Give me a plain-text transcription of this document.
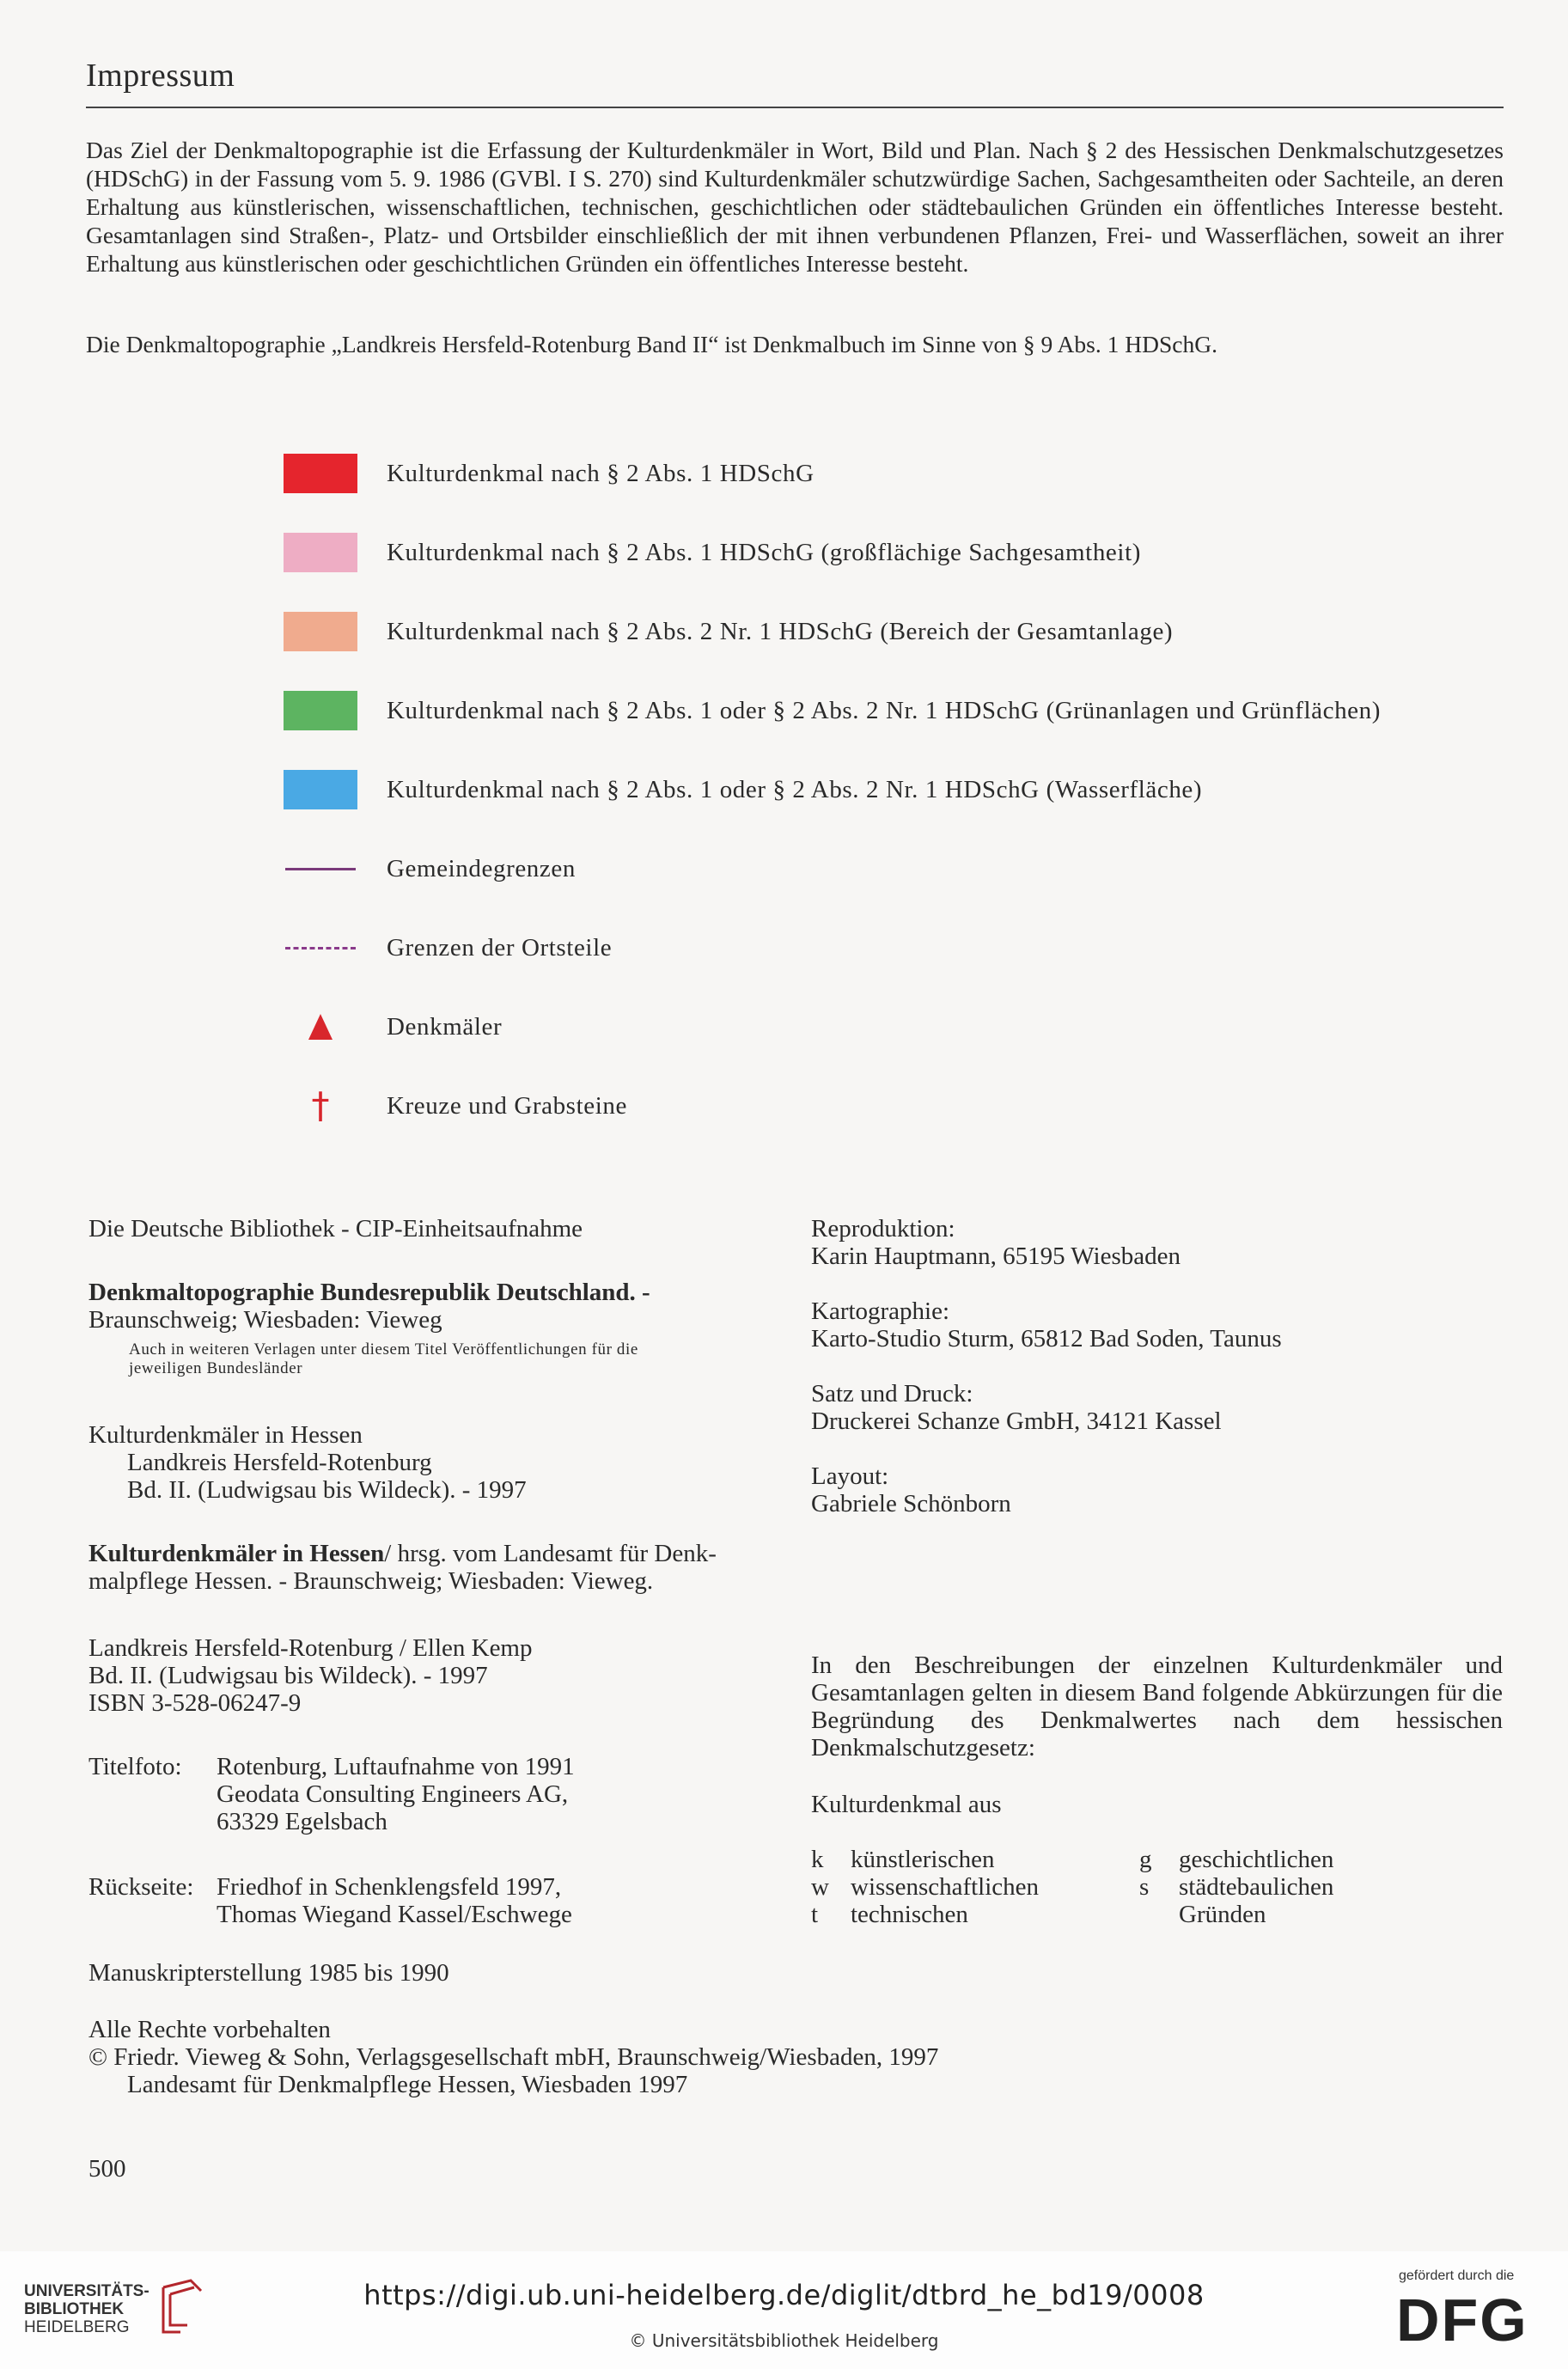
Impressum
Das Ziel der Denkmaltopographie ist die Erfassung der Kulturdenkmäler in Wort, Bild und Plan. Nach § 2 des Hessischen Denkmalschutzgesetzes (HDSchG) in der Fassung vom 5. 9. 1986 (GVBl. I S. 270) sind Kulturdenkmäler schutzwürdige Sachen, Sachgesamtheiten oder Sachteile, an deren Erhaltung aus künstlerischen, wissenschaftlichen, technischen, geschichtlichen oder städtebaulichen Gründen ein öffentliches Interesse besteht. Gesamtanlagen sind Straßen-, Platz- und Ortsbilder einschließlich der mit ihnen verbundenen Pflanzen, Frei- und Wasserflächen, soweit an ihrer Erhaltung aus künstlerischen oder geschichtlichen Gründen ein öffentliches Interesse besteht.
Die Denkmaltopographie „Landkreis Hersfeld-Rotenburg Band II“ ist Denkmalbuch im Sinne von § 9 Abs. 1 HDSchG.
Kulturdenkmal nach § 2 Abs. 1 HDSchG
Kulturdenkmal nach § 2 Abs. 1 HDSchG (großflächige Sachgesamtheit)
Kulturdenkmal nach § 2 Abs. 2 Nr. 1 HDSchG (Bereich der Gesamtanlage)
Kulturdenkmal nach § 2 Abs. 1 oder § 2 Abs. 2 Nr. 1 HDSchG (Grünanlagen und Grünflächen)
Kulturdenkmal nach § 2 Abs. 1 oder § 2 Abs. 2 Nr. 1 HDSchG (Wasserfläche)
Gemeindegrenzen
Grenzen der Ortsteile
Denkmäler
† Kreuze und Grabsteine
Die Deutsche Bibliothek - CIP-Einheitsaufnahme
Denkmaltopographie Bundesrepublik Deutschland. -
Braunschweig; Wiesbaden: Vieweg
Auch in weiteren Verlagen unter diesem Titel Veröffentlichungen für die
jeweiligen Bundesländer
Kulturdenkmäler in Hessen
Landkreis Hersfeld-Rotenburg
Bd. II. (Ludwigsau bis Wildeck). - 1997
Kulturdenkmäler in Hessen/ hrsg. vom Landesamt für Denk-
malpflege Hessen. - Braunschweig; Wiesbaden: Vieweg.
Landkreis Hersfeld-Rotenburg / Ellen Kemp
Bd. II. (Ludwigsau bis Wildeck). - 1997
ISBN 3-528-06247-9
Titelfoto: Rotenburg, Luftaufnahme von 1991
Geodata Consulting Engineers AG,
63329 Egelsbach
Rückseite: Friedhof in Schenklengsfeld 1997,
Thomas Wiegand Kassel/Eschwege
Manuskripterstellung 1985 bis 1990
Alle Rechte vorbehalten
© Friedr. Vieweg & Sohn, Verlagsgesellschaft mbH, Braunschweig/Wiesbaden, 1997
Landesamt für Denkmalpflege Hessen, Wiesbaden 1997
Reproduktion:
Karin Hauptmann, 65195 Wiesbaden
Kartographie:
Karto-Studio Sturm, 65812 Bad Soden, Taunus
Satz und Druck:
Druckerei Schanze GmbH, 34121 Kassel
Layout:
Gabriele Schönborn
In den Beschreibungen der einzelnen Kulturdenkmäler und Gesamtanlagen gelten in diesem Band folgende Abkürzungen für die Begründung des Denkmalwertes nach dem hessischen Denkmalschutzgesetz:
Kulturdenkmal aus
k künstlerischen
w wissenschaftlichen
t technischen
g geschichtlichen
s städtebaulichen
Gründen
500
UNIVERSITÄTS-
BIBLIOTHEK
HEIDELBERG
https://digi.ub.uni-heidelberg.de/diglit/dtbrd_he_bd19/0008
© Universitätsbibliothek Heidelberg
gefördert durch die
DFG
